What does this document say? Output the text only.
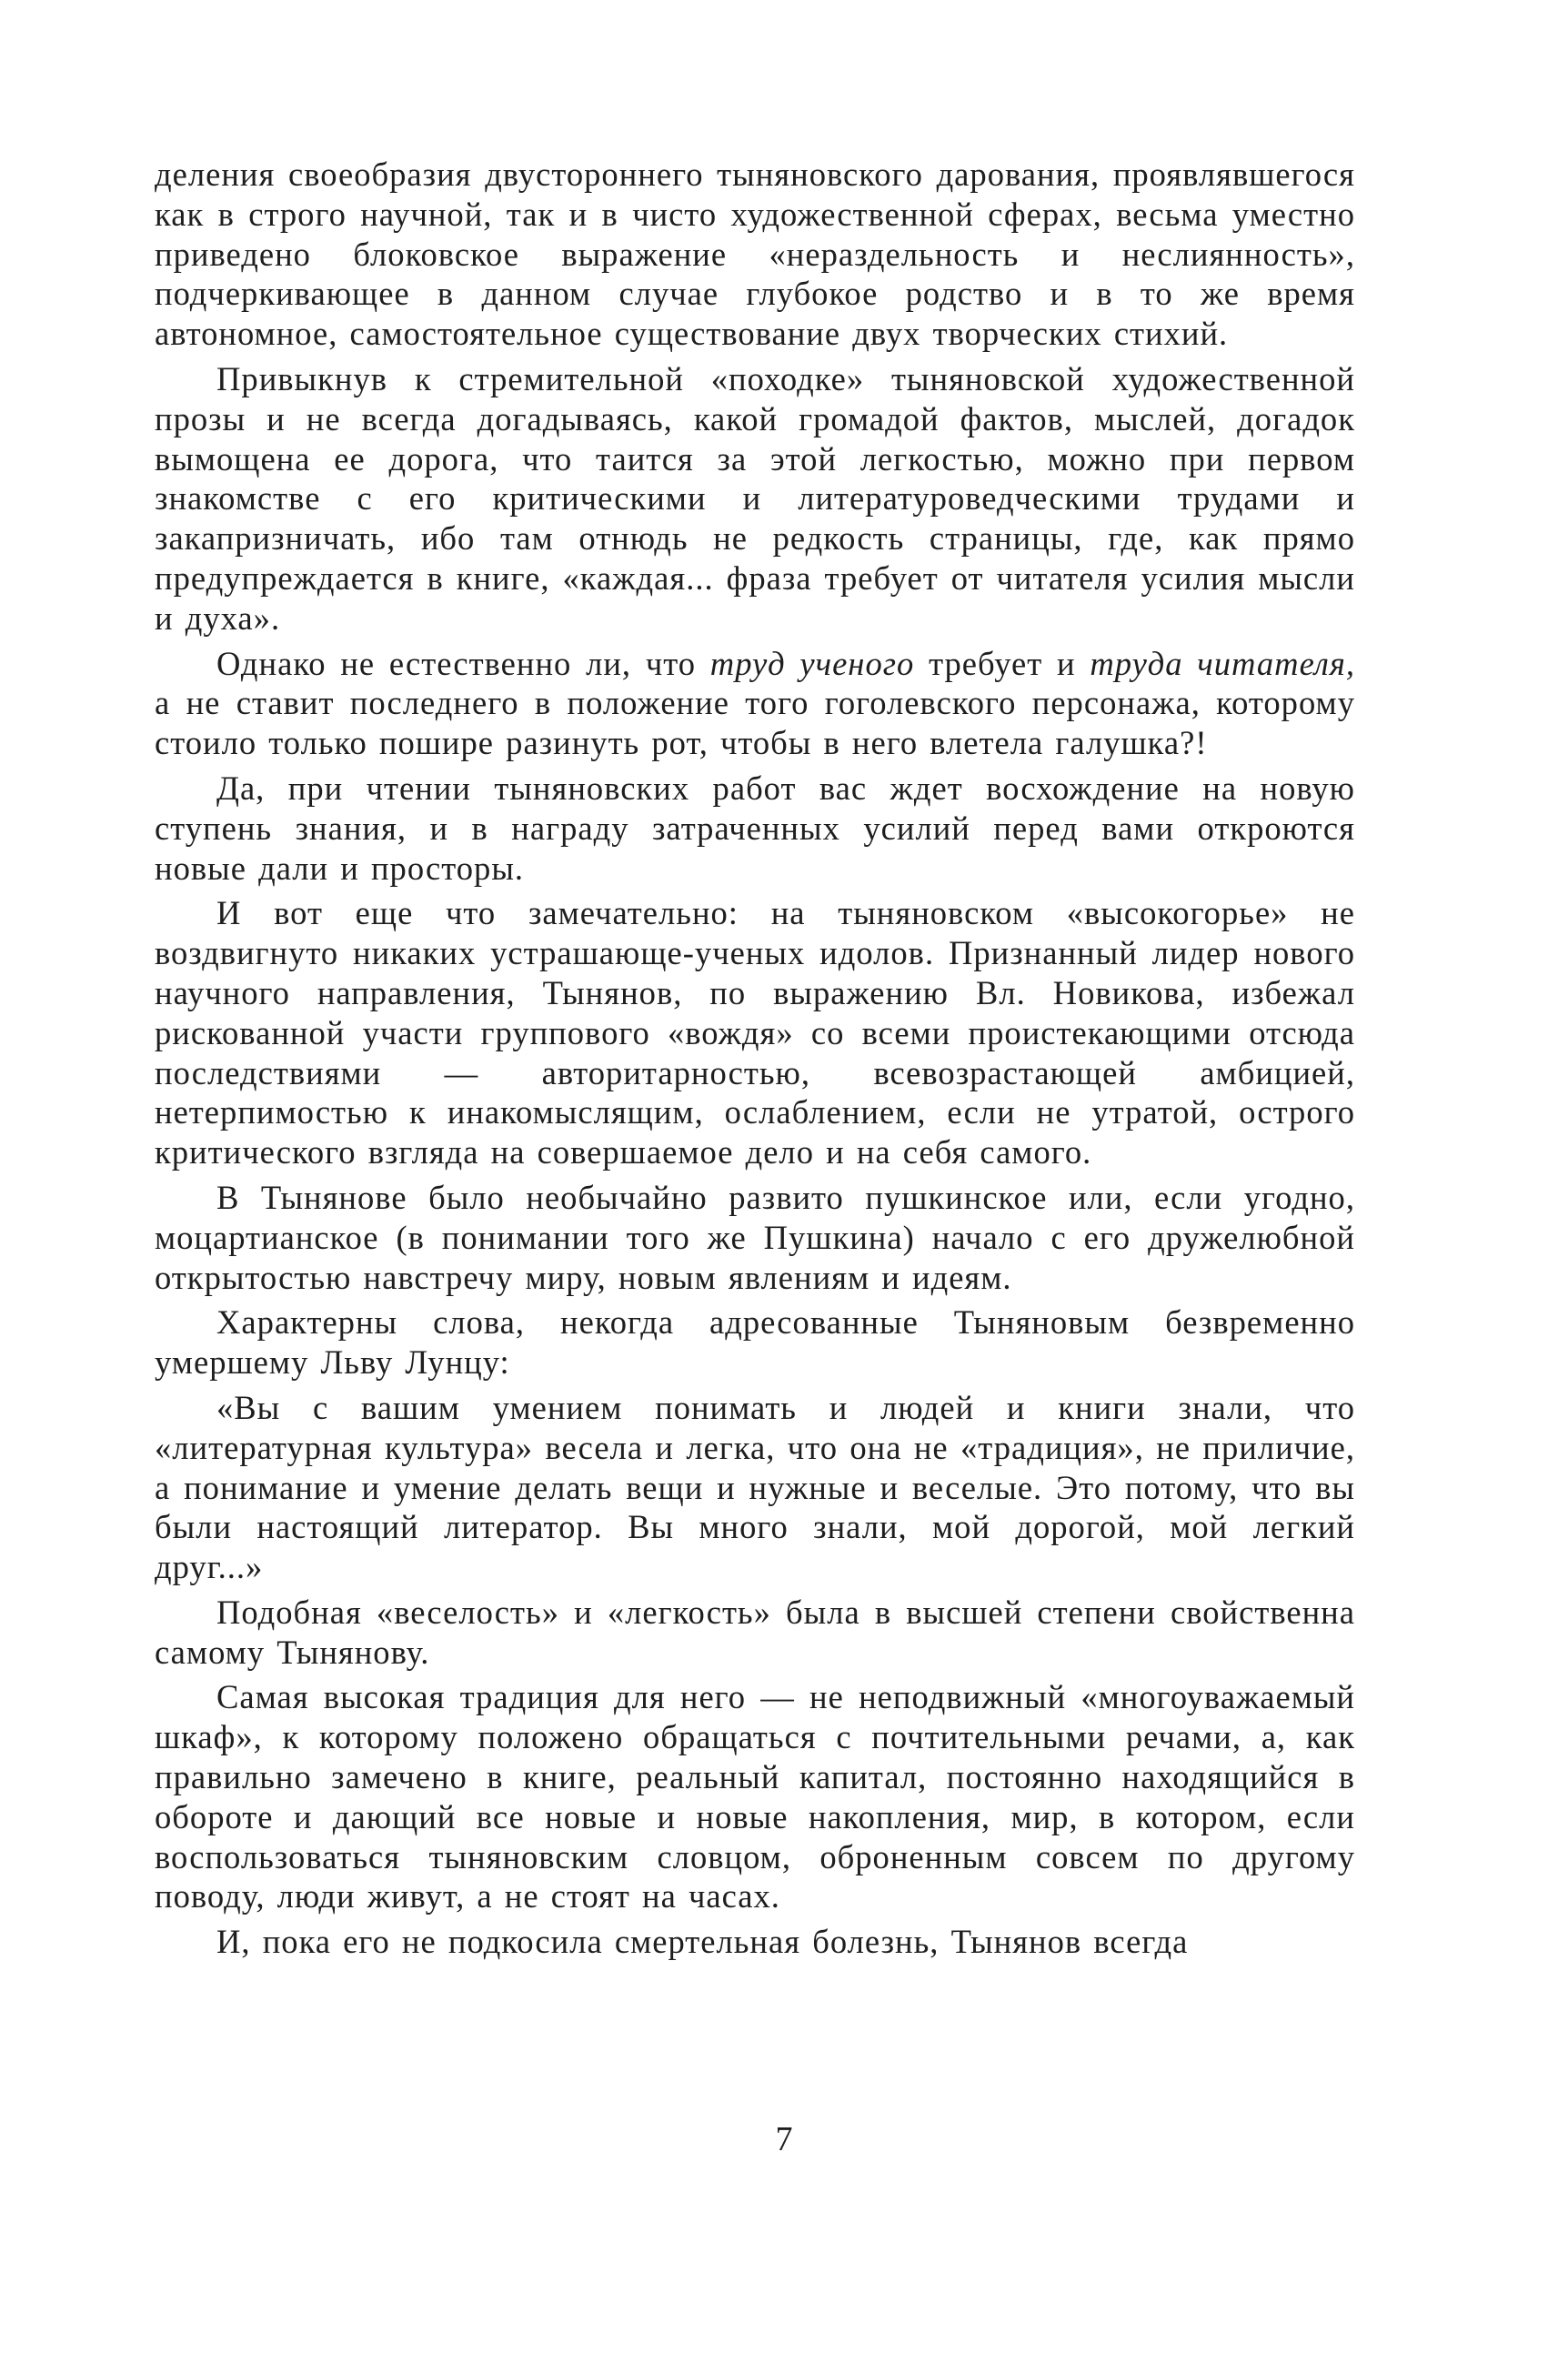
деления своеобразия двустороннего тыняновского дарования, проявлявшегося как в строго научной, так и в чисто художественной сферах, весьма уместно приведено блоковское выражение «нераздельность и неслиянность», подчеркивающее в данном случае глубокое родство и в то же время автономное, самостоятельное существование двух творческих стихий.

Привыкнув к стремительной «походке» тыняновской художественной прозы и не всегда догадываясь, какой громадой фактов, мыслей, догадок вымощена ее дорога, что таится за этой легкостью, можно при первом знакомстве с его критическими и литературоведческими трудами и закапризничать, ибо там отнюдь не редкость страницы, где, как прямо предупреждается в книге, «каждая... фраза требует от читателя усилия мысли и духа».

Однако не естественно ли, что труд ученого требует и труда читателя, а не ставит последнего в положение того гоголевского персонажа, которому стоило только пошире разинуть рот, чтобы в него влетела галушка?!

Да, при чтении тыняновских работ вас ждет восхождение на новую ступень знания, и в награду затраченных усилий перед вами откроются новые дали и просторы.

И вот еще что замечательно: на тыняновском «высокогорье» не воздвигнуто никаких устрашающе-ученых идолов. Признанный лидер нового научного направления, Тынянов, по выражению Вл. Новикова, избежал рискованной участи группового «вождя» со всеми проистекающими отсюда последствиями — авторитарностью, всевозрастающей амбицией, нетерпимостью к инакомыслящим, ослаблением, если не утратой, острого критического взгляда на совершаемое дело и на себя самого.

В Тынянове было необычайно развито пушкинское или, если угодно, моцартианское (в понимании того же Пушкина) начало с его дружелюбной открытостью навстречу миру, новым явлениям и идеям.

Характерны слова, некогда адресованные Тыняновым безвременно умершему Льву Лунцу:

«Вы с вашим умением понимать и людей и книги знали, что «литературная культура» весела и легка, что она не «традиция», не приличие, а понимание и умение делать вещи и нужные и веселые. Это потому, что вы были настоящий литератор. Вы много знали, мой дорогой, мой легкий друг...»

Подобная «веселость» и «легкость» была в высшей степени свойственна самому Тынянову.

Самая высокая традиция для него — не неподвижный «многоуважаемый шкаф», к которому положено обращаться с почтительными речами, а, как правильно замечено в книге, реальный капитал, постоянно находящийся в обороте и дающий все новые и новые накопления, мир, в котором, если воспользоваться тыняновским словцом, оброненным совсем по другому поводу, люди живут, а не стоят на часах.

И, пока его не подкосила смертельная болезнь, Тынянов всегда

7
